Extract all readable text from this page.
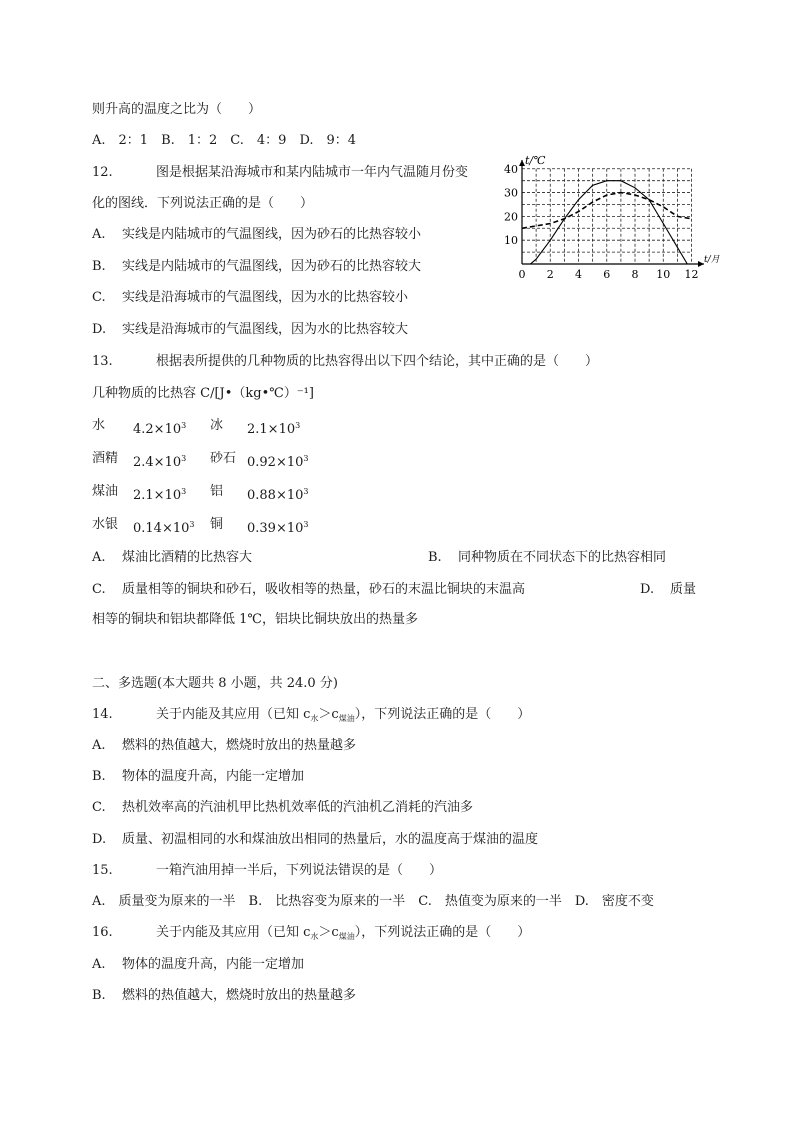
则升高的温度之比为（　　）
A.　2：1　B.　1：2　C.　4：9　D.　9：4
12.	图是根据某沿海城市和某内陆城市一年内气温随月份变
化的图线．下列说法正确的是（　　）
A. 实线是内陆城市的气温图线，因为砂石的比热容较小
B. 实线是内陆城市的气温图线，因为砂石的比热容较大
C. 实线是沿海城市的气温图线，因为水的比热容较小
D. 实线是沿海城市的气温图线，因为水的比热容较大
0 2 4 6 8 10 12
10
20
30
40
t/℃
t/月
13.	根据表所提供的几种物质的比热容得出以下四个结论，其中正确的是（　　）
几种物质的比热容 C/[J•（kg•℃）⁻¹]
水 $4.2\times 10^3$ 冰 $2.1\times 10^3$
酒精 $2.4\times 10^3$ 砂石 $0.92\times 10^3$
煤油 $2.1\times 10^3$ 铝 $0.88\times 10^3$
水银 $0.14\times 10^3$ 铜 $0.39\times 10^3$
A. 煤油比酒精的比热容大	B. 同种物质在不同状态下的比热容相同
C. 质量相等的铜块和砂石，吸收相等的热量，砂石的末温比铜块的末温高	D. 质量
相等的铜块和铝块都降低 1℃，铝块比铜块放出的热量多
二、多选题(本大题共 8 小题，共 24.0 分)
14.	关于内能及其应用（已知 $c_水>c_{煤油}$），下列说法正确的是（　　）
A. 燃料的热值越大，燃烧时放出的热量越多
B. 物体的温度升高，内能一定增加
C. 热机效率高的汽油机甲比热机效率低的汽油机乙消耗的汽油多
D. 质量、初温相同的水和煤油放出相同的热量后，水的温度高于煤油的温度
15.	一箱汽油用掉一半后，下列说法错误的是（　　）
A.　质量变为原来的一半　B.　比热容变为原来的一半　C.　热值变为原来的一半　D.　密度不变
16.	关于内能及其应用（已知 $c_水>c_{煤油}$），下列说法正确的是（　　）
A. 物体的温度升高，内能一定增加
B. 燃料的热值越大，燃烧时放出的热量越多
